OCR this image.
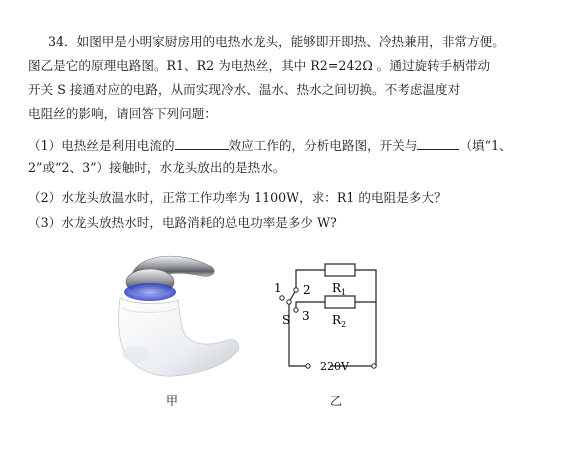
34．如图甲是小明家厨房用的电热水龙头，能够即开即热、冷热兼用，非常方便。
图乙是它的原理电路图。R1、R2 为电热丝，其中 R2=242Ω 。通过旋转手柄带动
开关 S 接通对应的电路，从而实现冷水、温水、热水之间切换。不考虑温度对
电阻丝的影响，请回答下列问题：
（1）电热丝是利用电流的	效应工作的，分析电路图，开关与	（填“1、
2”或“2、3”）接触时，水龙头放出的是热水。
（2）水龙头放温水时，正常工作功率为 1100W，求：R1 的电阻是多大？
（3）水龙头放热水时，电路消耗的总电功率是多少 W?
甲
1 2
3
S
$R_1$
$R_2$
220V
乙
